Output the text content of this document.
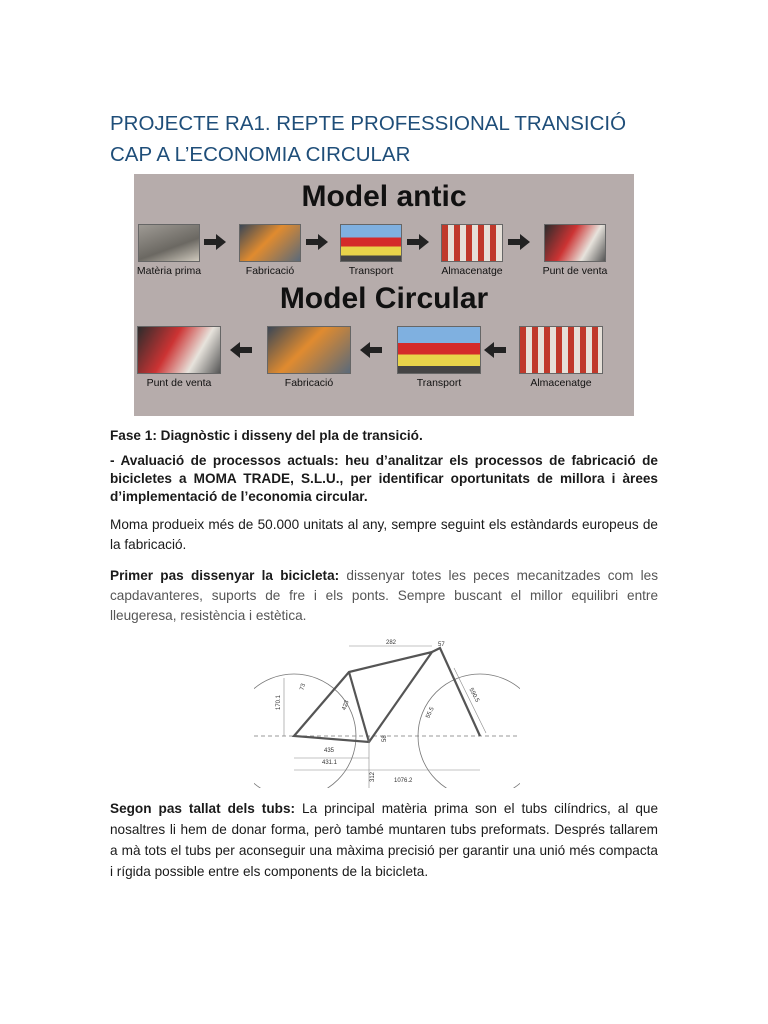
PROJECTE RA1. REPTE PROFESSIONAL TRANSICIÓ CAP A L’ECONOMIA CIRCULAR
Model antic
Matèria prima	Fabricació	Transport	Almacenatge	Punt de venta
Model Circular
Punt de venta	Fabricació	Transport	Almacenatge
Fase 1: Diagnòstic i disseny del pla de transició.
- Avaluació de processos actuals: heu d’analitzar els processos de fabricació de bicicletes a MOMA TRADE, S.L.U., per identificar oportunitats de millora i àrees d’implementació de l’economia circular.
Moma produeix més de 50.000 unitats al any, sempre seguint els estàndards europeus de la fabricació.
Primer pas dissenyar la bicicleta: dissenyar totes les peces mecanitzades com les capdavanteres, suports de fre i els ponts. Sempre buscant el millor equilibri entre lleugeresa, resistència i estètica.
282	57
170.1
73
423
55.5
590.5
58
435
431.1
312	1076.2
Segon pas tallat dels tubs: La principal matèria prima son el tubs cilíndrics, al que nosaltres li hem de donar forma, però també muntaren tubs preformats. Després tallarem a mà tots el tubs per aconseguir una màxima precisió per garantir una unió més compacta i rígida possible entre els components de la bicicleta.
